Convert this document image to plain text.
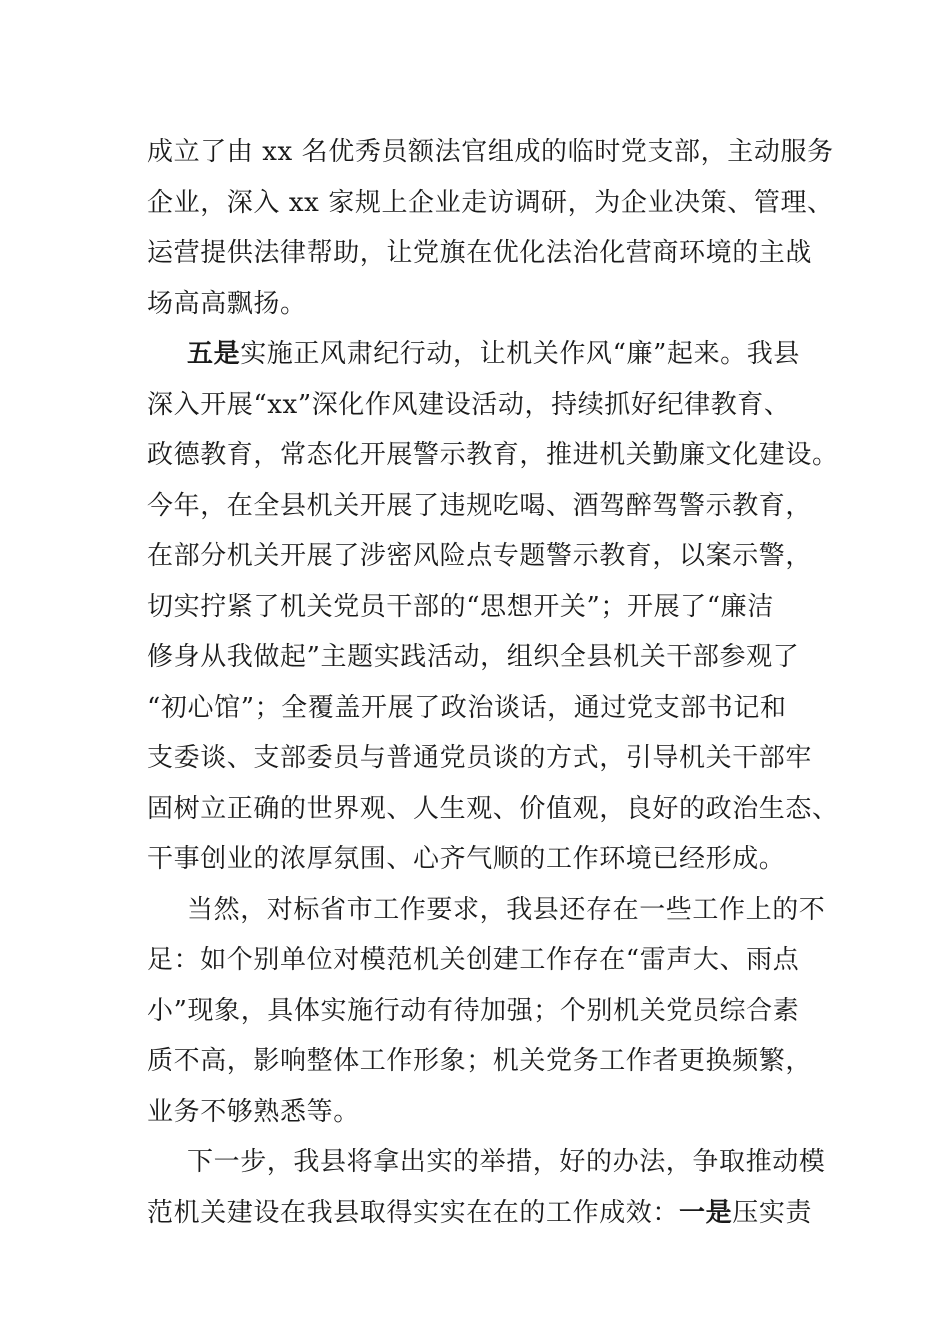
成立了由 xx 名优秀员额法官组成的临时党支部，主动服务
企业，深入 xx 家规上企业走访调研，为企业决策、管理、
运营提供法律帮助，让党旗在优化法治化营商环境的主战
场高高飘扬。
五是实施正风肃纪行动，让机关作风“廉”起来。我县
深入开展“xx”深化作风建设活动，持续抓好纪律教育、
政德教育，常态化开展警示教育，推进机关勤廉文化建设。
今年，在全县机关开展了违规吃喝、酒驾醉驾警示教育，
在部分机关开展了涉密风险点专题警示教育，以案示警，
切实拧紧了机关党员干部的“思想开关”；开展了“廉洁
修身从我做起”主题实践活动，组织全县机关干部参观了
“初心馆”；全覆盖开展了政治谈话，通过党支部书记和
支委谈、支部委员与普通党员谈的方式，引导机关干部牢
固树立正确的世界观、人生观、价值观，良好的政治生态、
干事创业的浓厚氛围、心齐气顺的工作环境已经形成。
当然，对标省市工作要求，我县还存在一些工作上的不
足：如个别单位对模范机关创建工作存在“雷声大、雨点
小”现象，具体实施行动有待加强；个别机关党员综合素
质不高，影响整体工作形象；机关党务工作者更换频繁，
业务不够熟悉等。
下一步，我县将拿出实的举措，好的办法，争取推动模
范机关建设在我县取得实实在在的工作成效：一是压实责
